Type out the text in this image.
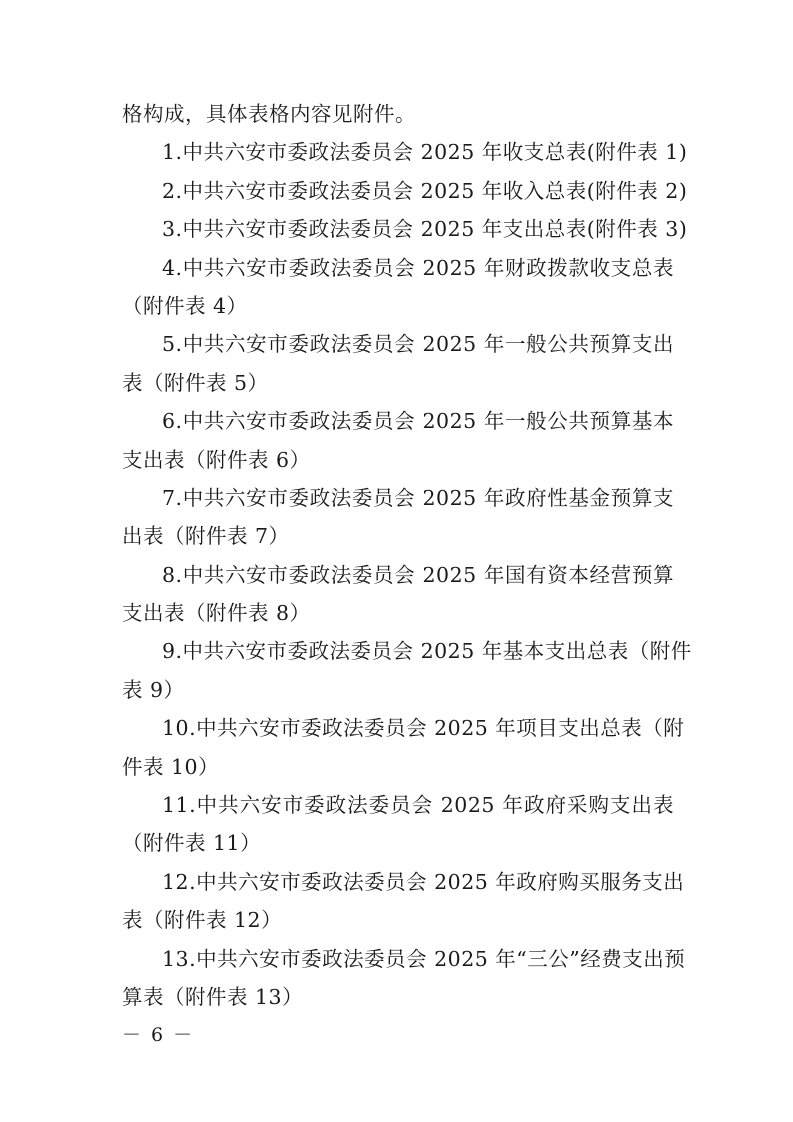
格构成，具体表格内容见附件。
1.中共六安市委政法委员会 2025 年收支总表(附件表 1)
2.中共六安市委政法委员会 2025 年收入总表(附件表 2)
3.中共六安市委政法委员会 2025 年支出总表(附件表 3)
4.中共六安市委政法委员会 2025 年财政拨款收支总表
（附件表 4）
5.中共六安市委政法委员会 2025 年一般公共预算支出
表（附件表 5）
6.中共六安市委政法委员会 2025 年一般公共预算基本
支出表（附件表 6）
7.中共六安市委政法委员会 2025 年政府性基金预算支
出表（附件表 7）
8.中共六安市委政法委员会 2025 年国有资本经营预算
支出表（附件表 8）
9.中共六安市委政法委员会 2025 年基本支出总表（附件
表 9）
10.中共六安市委政法委员会 2025 年项目支出总表（附
件表 10）
11.中共六安市委政法委员会 2025 年政府采购支出表
（附件表 11）
12.中共六安市委政法委员会 2025 年政府购买服务支出
表（附件表 12）
13.中共六安市委政法委员会 2025 年“三公”经费支出预
算表（附件表 13）
－ 6 －
